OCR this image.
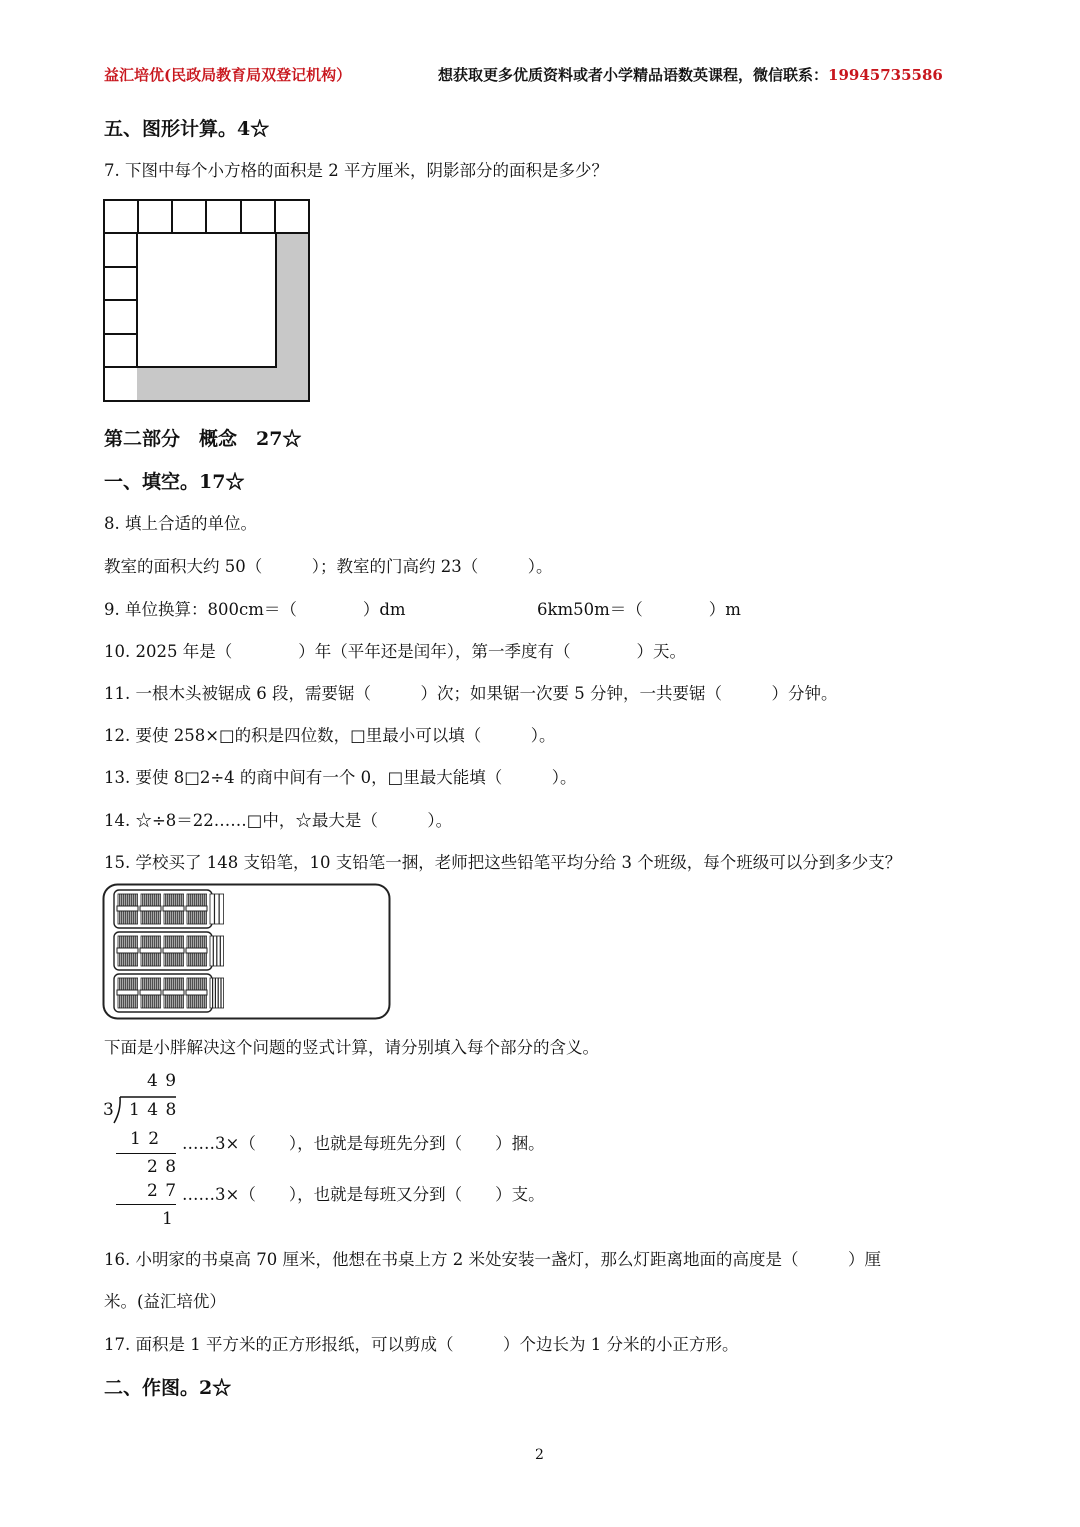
益汇培优(民政局教育局双登记机构）	想获取更多优质资料或者小学精品语数英课程，微信联系：19945735586
五、图形计算。4☆
7. 下图中每个小方格的面积是 2 平方厘米，阴影部分的面积是多少？
第二部分　概念　27☆
一、填空。17☆
8. 填上合适的单位。
教室的面积大约 50（　　　）；教室的门高约 23（　　　）。
9. 单位换算：800cm＝（　　　　）dm	6km50m＝（　　　　）m
10. 2025 年是（　　　　）年（平年还是闰年），第一季度有（　　　　）天。
11. 一根木头被锯成 6 段，需要锯（　　　）次；如果锯一次要 5 分钟，一共要锯（　　　）分钟。
12. 要使 258×□的积是四位数，□里最小可以填（　　　）。
13. 要使 8□2÷4 的商中间有一个 0，□里最大能填（　　　）。
14. ☆÷8＝22……□中，☆最大是（　　　）。
15. 学校买了 148 支铅笔，10 支铅笔一捆，老师把这些铅笔平均分给 3 个班级，每个班级可以分到多少支？
下面是小胖解决这个问题的竖式计算，请分别填入每个部分的含义。
4 9
3 1 4 8
1 2 ……3×（　　），也就是每班先分到（　　）捆。
2 8
2 7 ……3×（　　），也就是每班又分到（　　）支。
1
16. 小明家的书桌高 70 厘米，他想在书桌上方 2 米处安装一盏灯，那么灯距离地面的高度是（　　　）厘
米。(益汇培优）
17. 面积是 1 平方米的正方形报纸，可以剪成（　　　）个边长为 1 分米的小正方形。
二、作图。2☆
2
